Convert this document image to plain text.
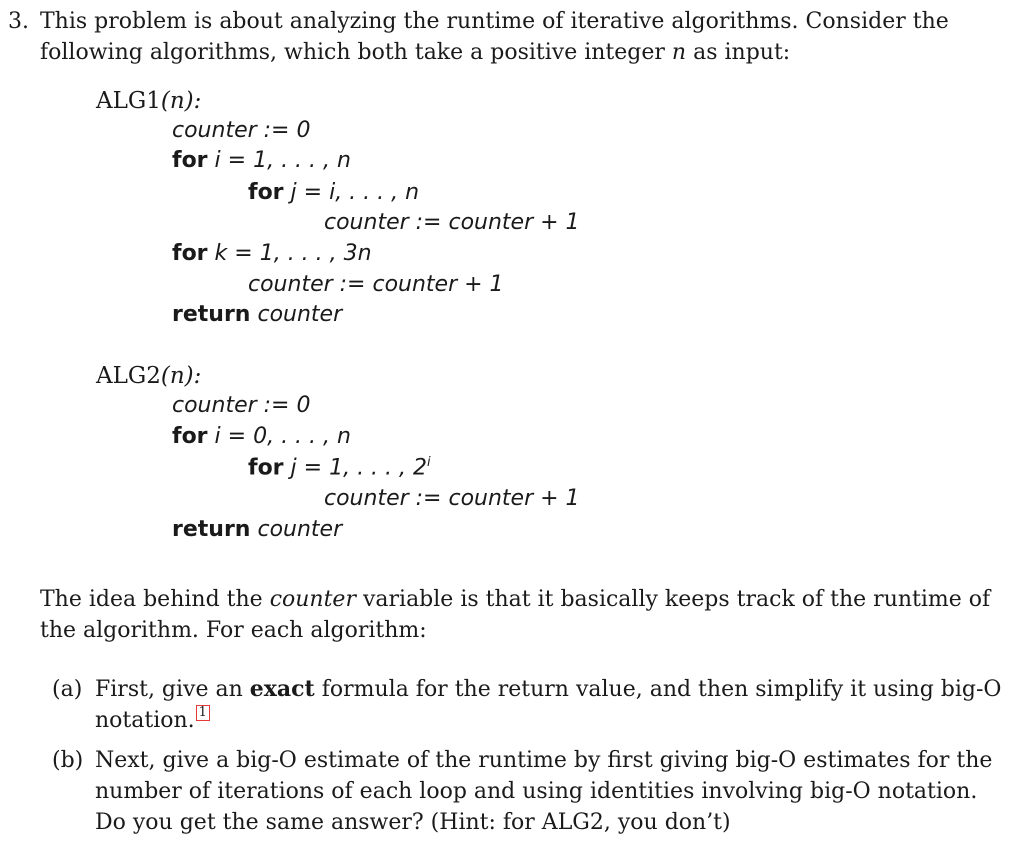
3. This problem is about analyzing the runtime of iterative algorithms. Consider the
following algorithms, which both take a positive integer n as input:
ALG1(n):
counter := 0
for i = 1, . . . , n
for j = i, . . . , n
counter := counter + 1
for k = 1, . . . , 3n
counter := counter + 1
return counter
ALG2(n):
counter := 0
for i = 0, . . . , n
for j = 1, . . . , 2$^i$
counter := counter + 1
return counter
The idea behind the counter variable is that it basically keeps track of the runtime of
the algorithm. For each algorithm:
(a) First, give an exact formula for the return value, and then simplify it using big-O
notation. 1
(b) Next, give a big-O estimate of the runtime by first giving big-O estimates for the
number of iterations of each loop and using identities involving big-O notation.
Do you get the same answer? (Hint: for ALG2, you don’t)
